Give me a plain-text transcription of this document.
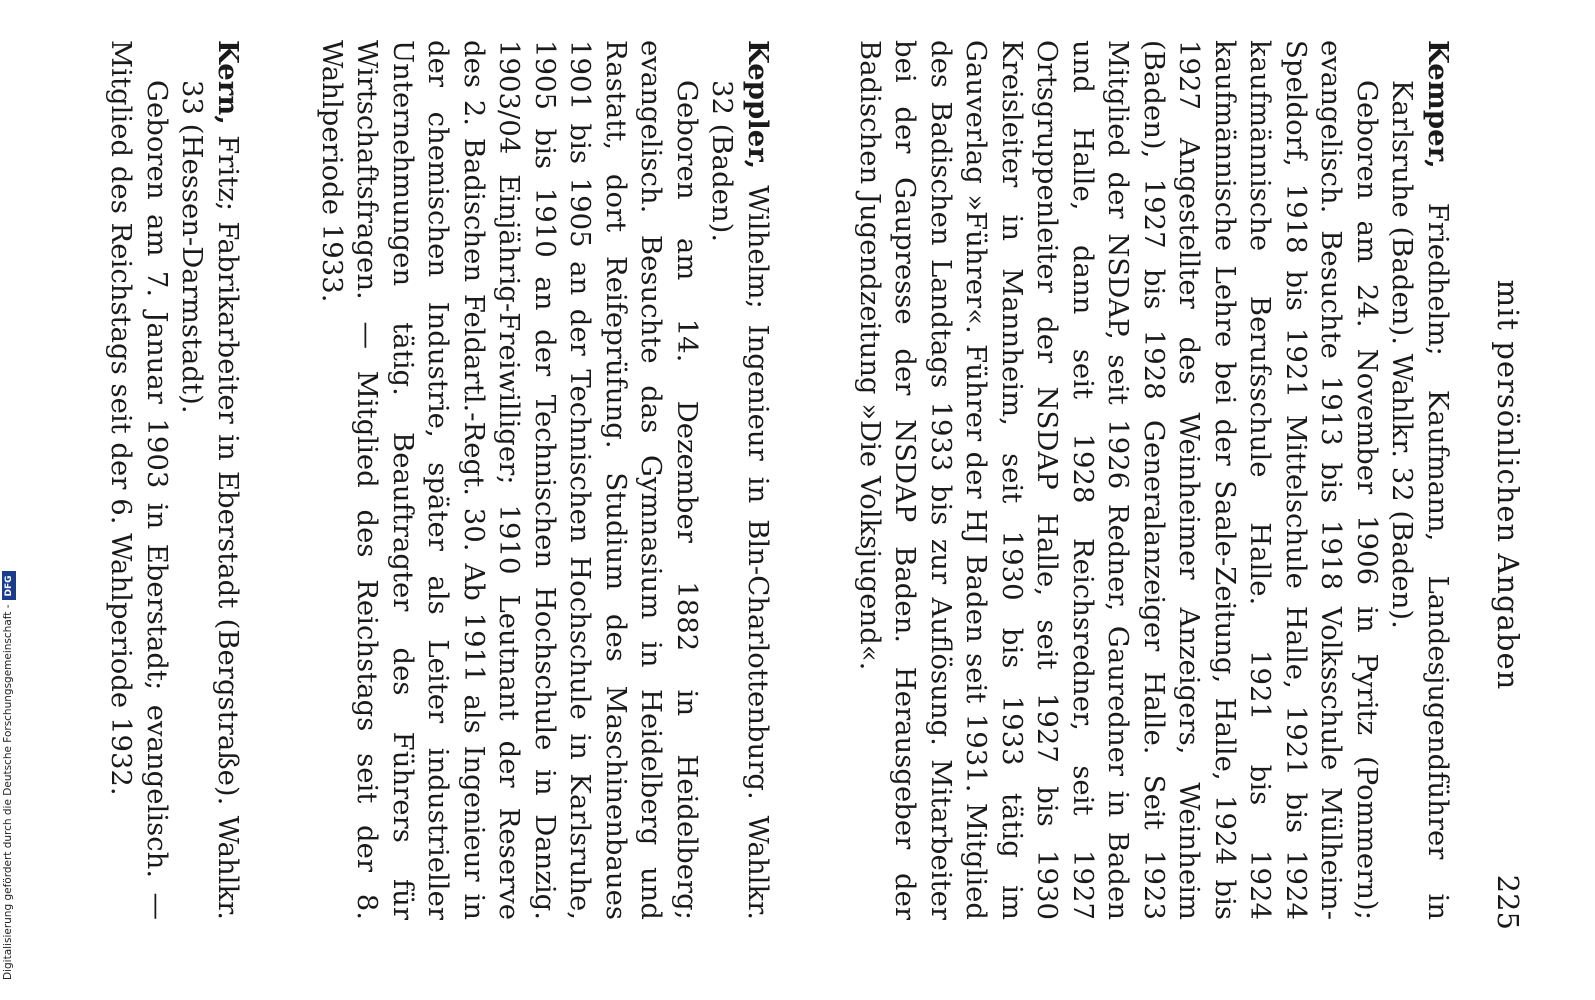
mit persönlichen Angaben
225

Kemper, Friedhelm; Kaufmann, Landesjugendführer in Karlsruhe (Baden). Wahlkr. 32 (Baden).

Geboren am 24. November 1906 in Pyritz (Pommern); evangelisch. Besuchte 1913 bis 1918 Volksschule Mülheim-Speldorf, 1918 bis 1921 Mittelschule Halle, 1921 bis 1924 kaufmännische Berufsschule Halle. 1921 bis 1924 kaufmännische Lehre bei der Saale-Zeitung, Halle, 1924 bis 1927 Angestellter des Weinheimer Anzeigers, Weinheim (Baden), 1927 bis 1928 Generalanzeiger Halle. Seit 1923 Mitglied der NSDAP, seit 1926 Redner, Gauredner in Baden und Halle, dann seit 1928 Reichsredner, seit 1927 Ortsgruppenleiter der NSDAP Halle, seit 1927 bis 1930 Kreisleiter in Mannheim, seit 1930 bis 1933 tätig im Gauverlag »Führer«. Führer der HJ Baden seit 1931. Mitglied des Badischen Landtags 1933 bis zur Auflösung. Mitarbeiter bei der Gaupresse der NSDAP Baden. Herausgeber der Badischen Jugendzeitung »Die Volksjugend«.

Keppler, Wilhelm; Ingenieur in Bln-Charlottenburg. Wahlkr. 32 (Baden).

Geboren am 14. Dezember 1882 in Heidelberg; evangelisch. Besuchte das Gymnasium in Heidelberg und Rastatt, dort Reifeprüfung. Studium des Maschinenbaues 1901 bis 1905 an der Technischen Hochschule in Karlsruhe, 1905 bis 1910 an der Technischen Hochschule in Danzig. 1903/04 Einjährig-Freiwilliger; 1910 Leutnant der Reserve des 2. Badischen Feldartl.-Regt. 30. Ab 1911 als Ingenieur in der chemischen Industrie, später als Leiter industrieller Unternehmungen tätig. Beauftragter des Führers für Wirtschaftsfragen. — Mitglied des Reichstags seit der 8. Wahlperiode 1933.

Kern, Fritz; Fabrikarbeiter in Eberstadt (Bergstraße). Wahlkr. 33 (Hessen-Darmstadt).

Geboren am 7. Januar 1903 in Eberstadt; evangelisch. — Mitglied des Reichstags seit der 6. Wahlperiode 1932.

Digitalisierung gefördert durch die Deutsche Forschungsgemeinschaft -DFG
